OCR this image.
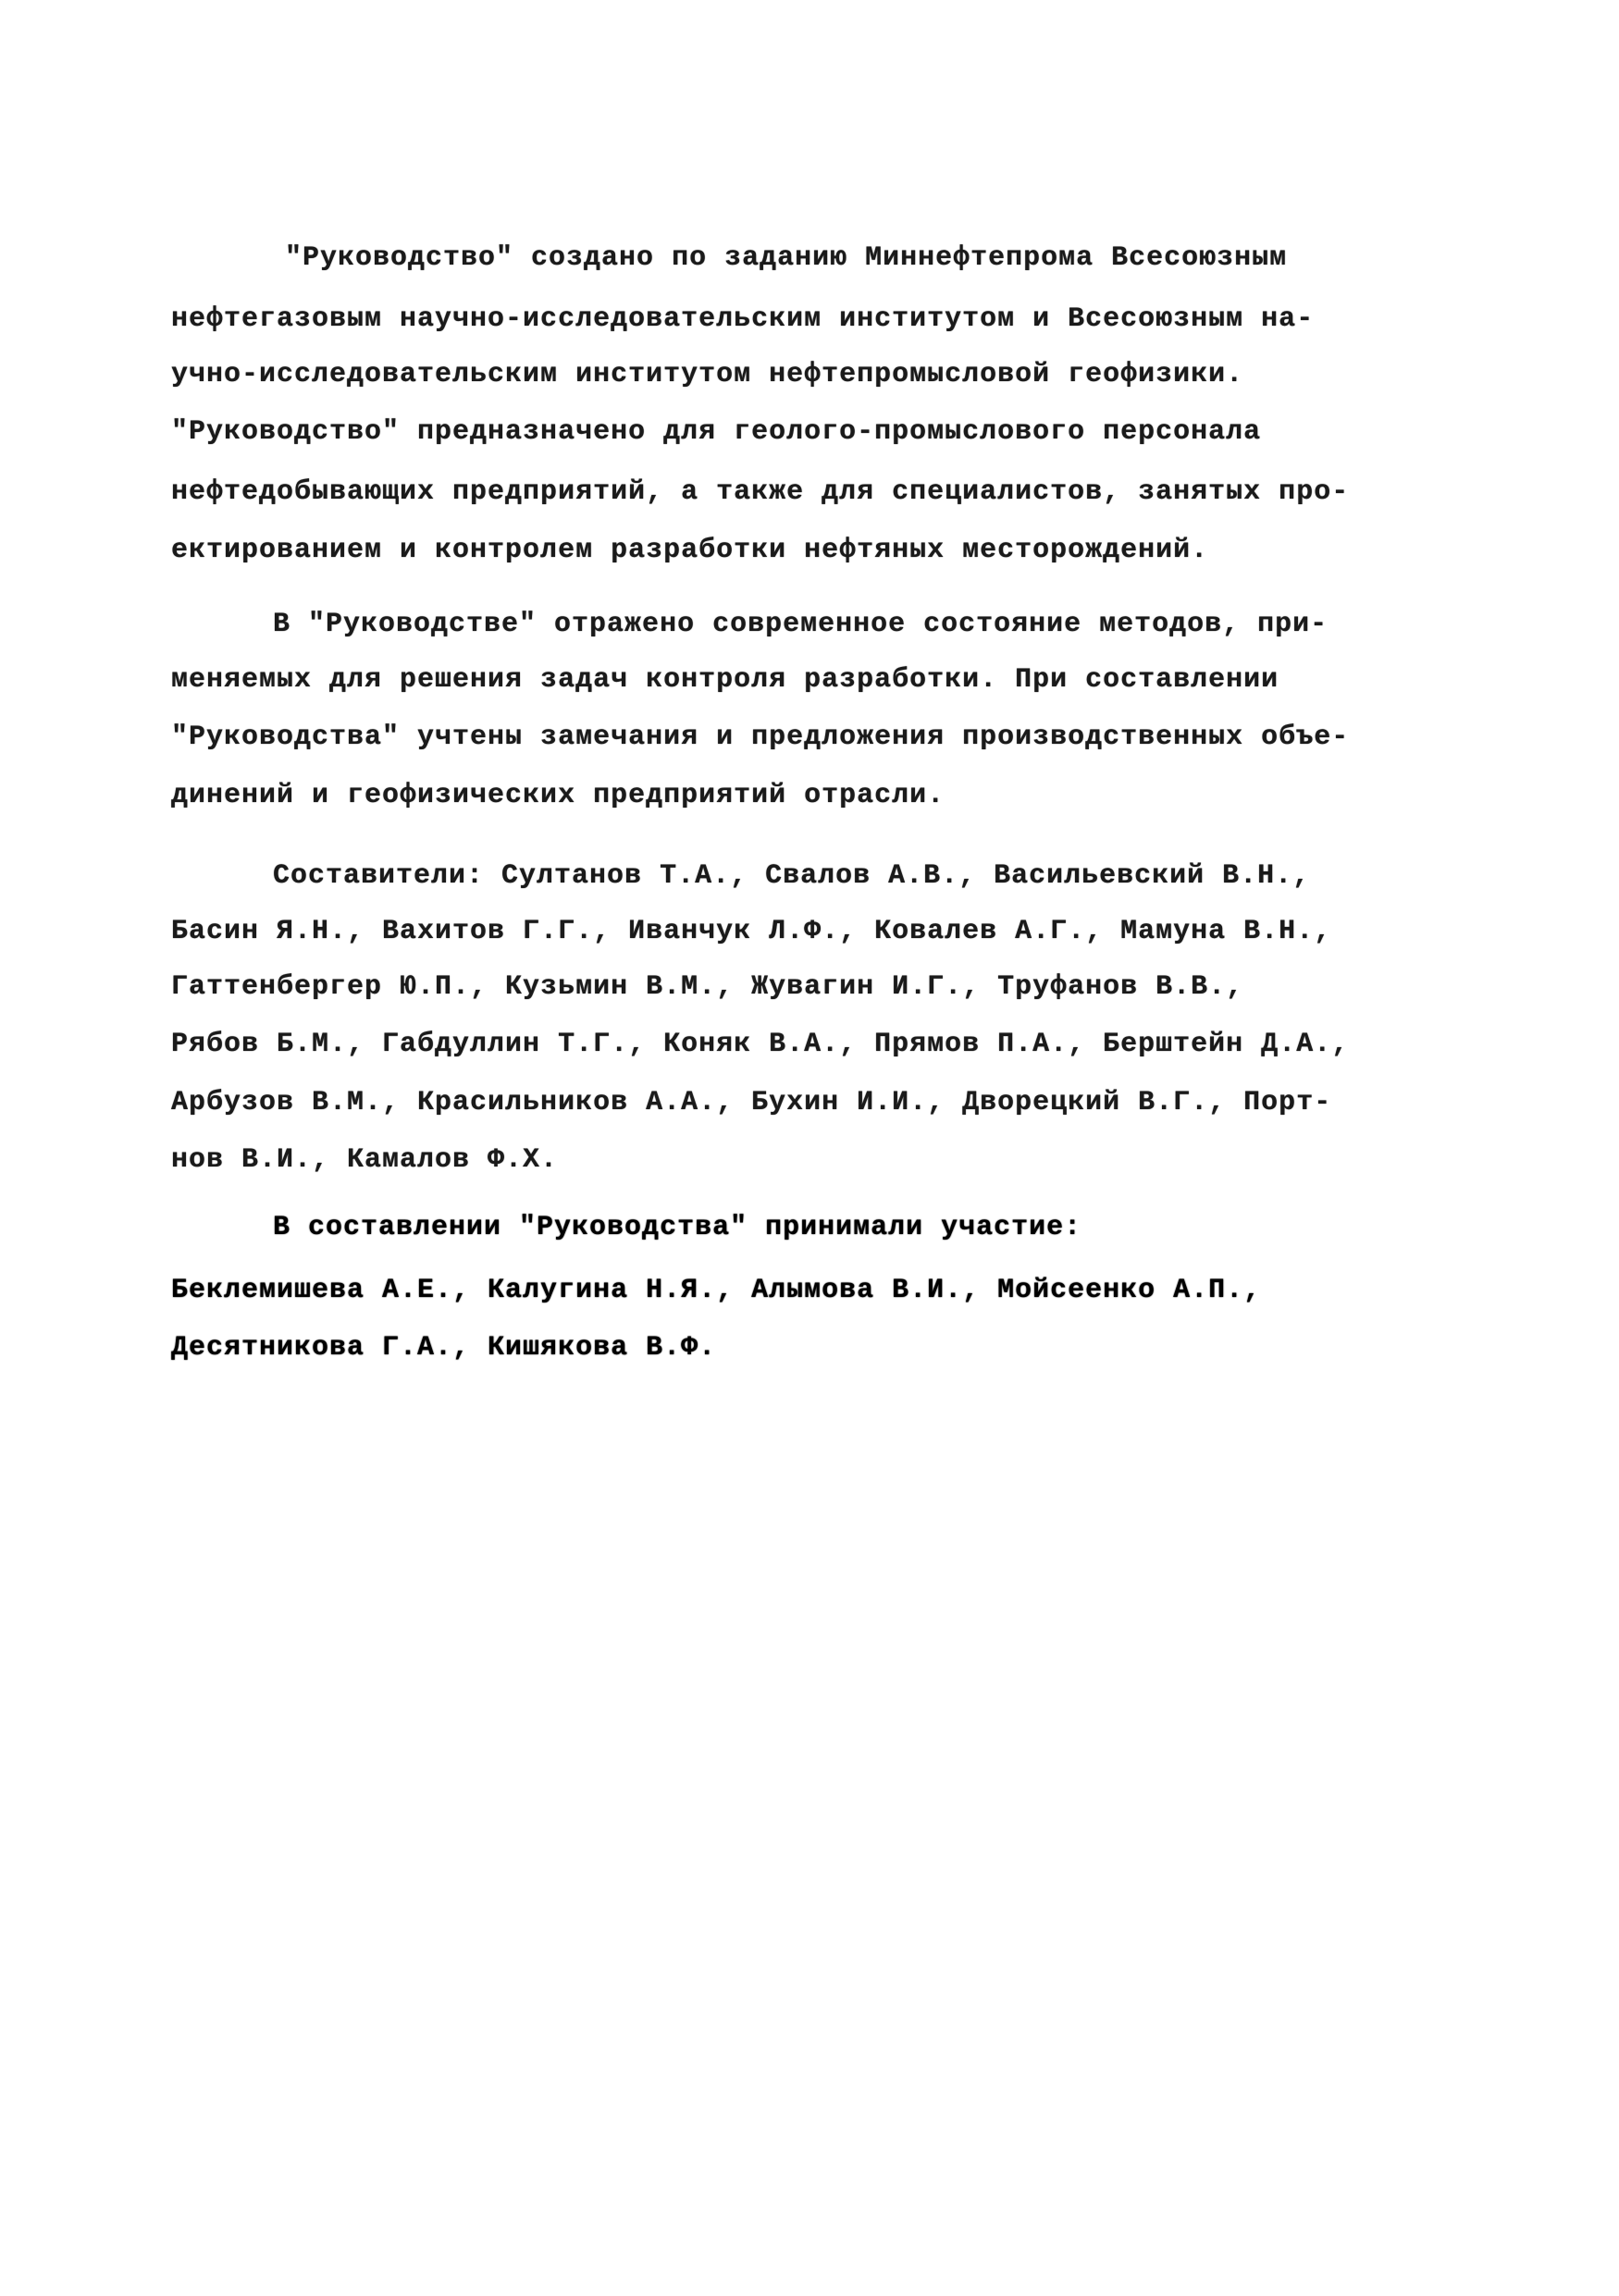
"Руководство" создано по заданию Миннефтепрома Всесоюзным
нефтегазовым научно-исследовательским институтом и Всесоюзным на-
учно-исследовательским институтом нефтепромысловой геофизики.
"Руководство" предназначено для геолого-промыслового персонала
нефтедобывающих предприятий, а также для специалистов, занятых про-
ектированием и контролем разработки нефтяных месторождений.
В "Руководстве" отражено современное состояние методов, при-
меняемых для решения задач контроля разработки. При составлении
"Руководства" учтены замечания и предложения производственных объе-
динений и геофизических предприятий отрасли.
Составители: Султанов Т.А., Свалов А.В., Васильевский В.Н.,
Басин Я.Н., Вахитов Г.Г., Иванчук Л.Ф., Ковалев А.Г., Мамуна В.Н.,
Гаттенбергер Ю.П., Кузьмин В.М., Жувагин И.Г., Труфанов В.В.,
Рябов Б.М., Габдуллин Т.Г., Коняк В.А., Прямов П.А., Берштейн Д.А.,
Арбузов В.М., Красильников А.А., Бухин И.И., Дворецкий В.Г., Порт-
нов В.И., Камалов Ф.Х.
В составлении "Руководства" принимали участие:
Беклемишева А.Е., Калугина Н.Я., Алымова В.И., Мойсеенко А.П.,
Десятникова Г.А., Кишякова В.Ф.
